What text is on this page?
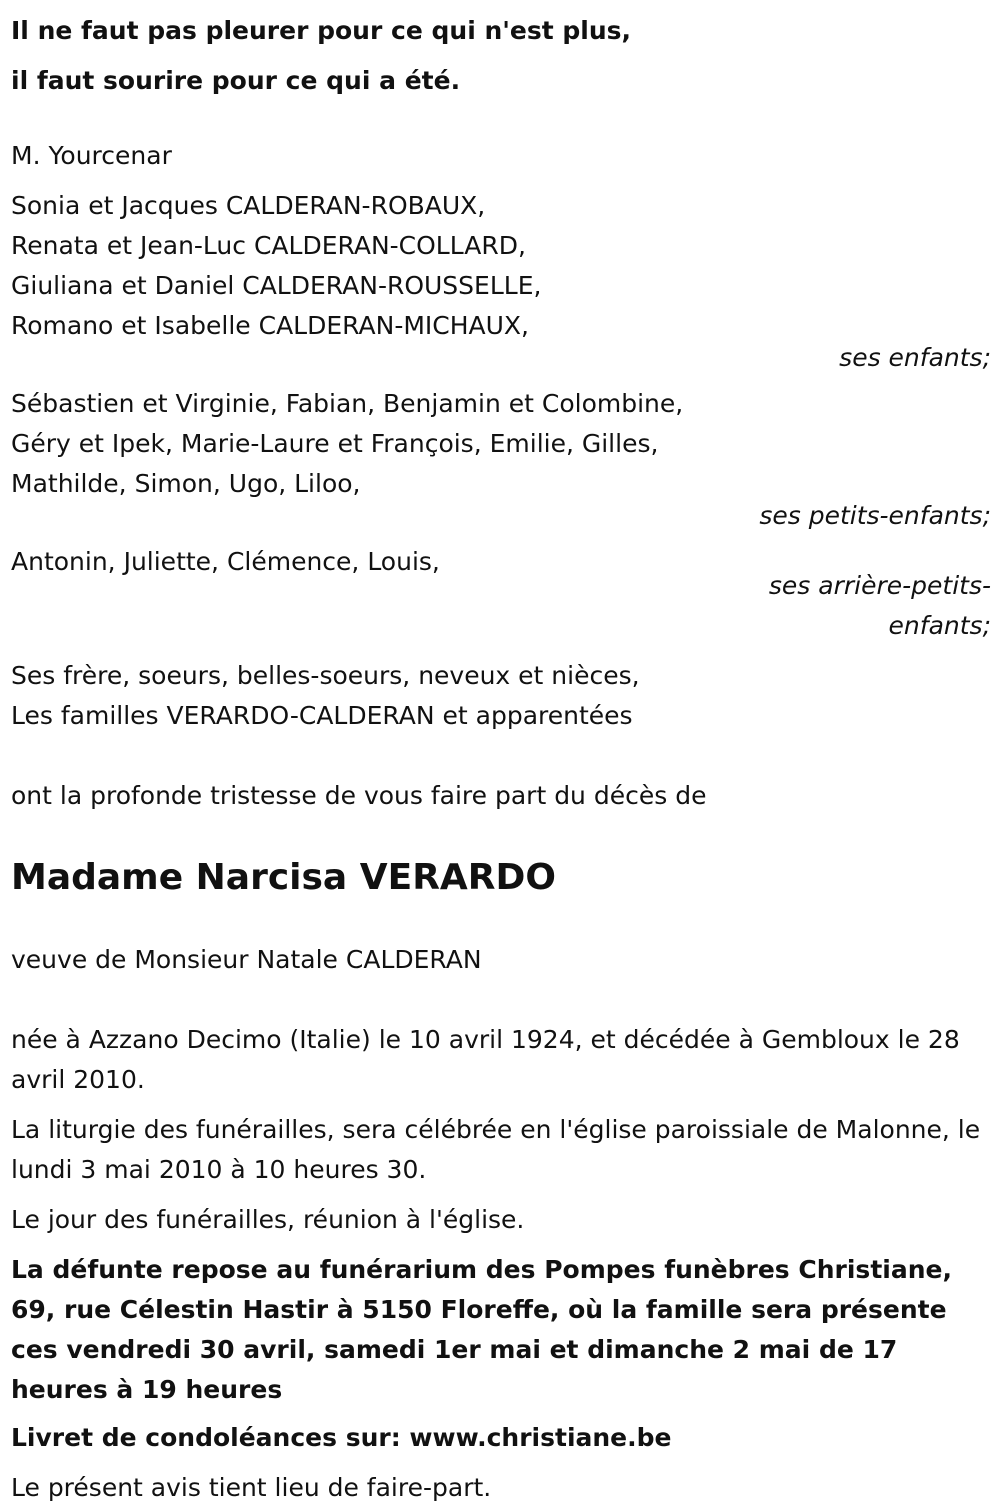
Il ne faut pas pleurer pour ce qui n'est plus,
il faut sourire pour ce qui a été.
M. Yourcenar
Sonia et Jacques CALDERAN-ROBAUX,
Renata et Jean-Luc CALDERAN-COLLARD,
Giuliana et Daniel CALDERAN-ROUSSELLE,
Romano et Isabelle CALDERAN-MICHAUX,
ses enfants;
Sébastien et Virginie, Fabian, Benjamin et Colombine,
Géry et Ipek, Marie-Laure et François, Emilie, Gilles,
Mathilde, Simon, Ugo, Liloo,
ses petits-enfants;
Antonin, Juliette, Clémence, Louis,
ses arrière-petits-
enfants;
Ses frère, soeurs, belles-soeurs, neveux et nièces,
Les familles VERARDO-CALDERAN et apparentées
ont la profonde tristesse de vous faire part du décès de
Madame Narcisa VERARDO
veuve de Monsieur Natale CALDERAN
née à Azzano Decimo (Italie) le 10 avril 1924, et décédée à Gembloux le 28 avril 2010.
La liturgie des funérailles, sera célébrée en l'église paroissiale de Malonne, le lundi 3 mai 2010 à 10 heures 30.
Le jour des funérailles, réunion à l'église.
La défunte repose au funérarium des Pompes funèbres Christiane, 69, rue Célestin Hastir à 5150 Floreffe, où la famille sera présente ces vendredi 30 avril, samedi 1er mai et dimanche 2 mai de 17 heures à 19 heures
Livret de condoléances sur: www.christiane.be
Le présent avis tient lieu de faire-part.
